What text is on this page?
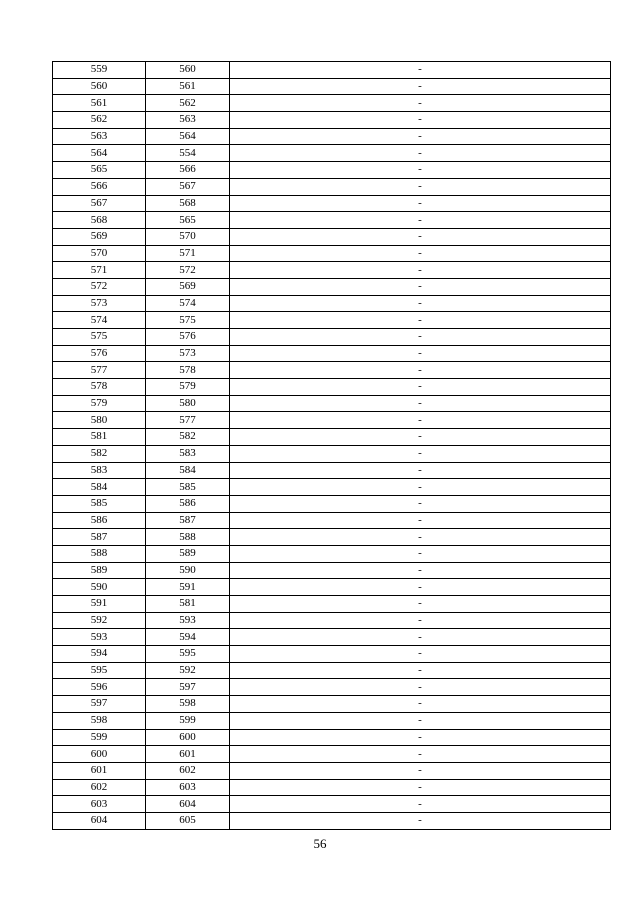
559	560	-
560	561	-
561	562	-
562	563	-
563	564	-
564	554	-
565	566	-
566	567	-
567	568	-
568	565	-
569	570	-
570	571	-
571	572	-
572	569	-
573	574	-
574	575	-
575	576	-
576	573	-
577	578	-
578	579	-
579	580	-
580	577	-
581	582	-
582	583	-
583	584	-
584	585	-
585	586	-
586	587	-
587	588	-
588	589	-
589	590	-
590	591	-
591	581	-
592	593	-
593	594	-
594	595	-
595	592	-
596	597	-
597	598	-
598	599	-
599	600	-
600	601	-
601	602	-
602	603	-
603	604	-
604	605	-
56
